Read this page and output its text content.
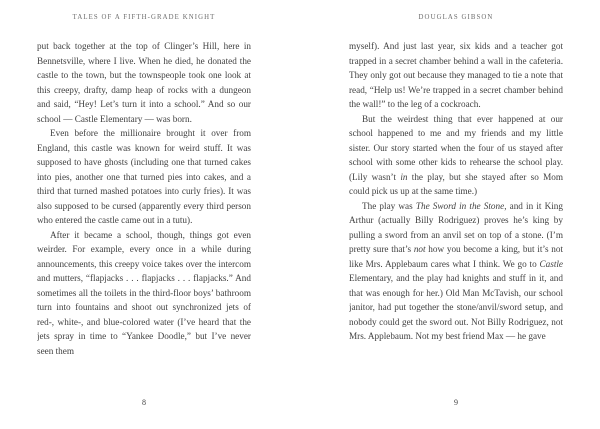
TALES OF A FIFTH-GRADE KNIGHT	DOUGLAS GIBSON

put back together at the top of Clinger’s Hill, here in Bennetsville, where I live. When he died, he donated the castle to the town, but the townspeople took one look at this creepy, drafty, damp heap of rocks with a dungeon and said, “Hey! Let’s turn it into a school.” And so our school — Castle Elementary — was born.

Even before the millionaire brought it over from England, this castle was known for weird stuff. It was supposed to have ghosts (including one that turned cakes into pies, another one that turned pies into cakes, and a third that turned mashed potatoes into curly fries). It was also supposed to be cursed (apparently every third person who entered the castle came out in a tutu).

After it became a school, though, things got even weirder. For example, every once in a while during announcements, this creepy voice takes over the intercom and mutters, “flapjacks . . . flapjacks . . . flapjacks.” And sometimes all the toilets in the third-floor boys’ bathroom turn into fountains and shoot out synchronized jets of red-, white-, and blue-colored water (I’ve heard that the jets spray in time to “Yankee Doodle,” but I’ve never seen them

myself). And just last year, six kids and a teacher got trapped in a secret chamber behind a wall in the cafeteria. They only got out because they managed to tie a note that read, “Help us! We’re trapped in a secret chamber behind the wall!” to the leg of a cockroach.

But the weirdest thing that ever happened at our school happened to me and my friends and my little sister. Our story started when the four of us stayed after school with some other kids to rehearse the school play. (Lily wasn’t in the play, but she stayed after so Mom could pick us up at the same time.)

The play was The Sword in the Stone, and in it King Arthur (actually Billy Rodriguez) proves he’s king by pulling a sword from an anvil set on top of a stone. (I’m pretty sure that’s not how you become a king, but it’s not like Mrs. Applebaum cares what I think. We go to Castle Elementary, and the play had knights and stuff in it, and that was enough for her.) Old Man McTavish, our school janitor, had put together the stone/anvil/sword setup, and nobody could get the sword out. Not Billy Rodriguez, not Mrs. Applebaum. Not my best friend Max — he gave

8	9
